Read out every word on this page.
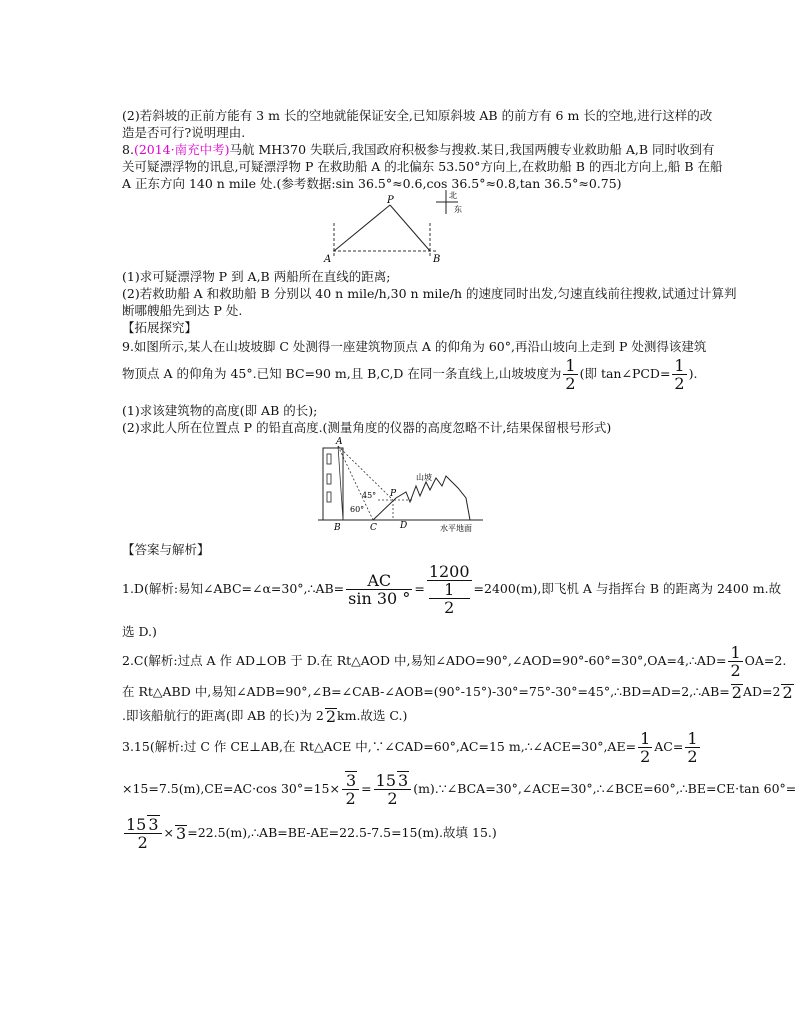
(2)若斜坡的正前方能有 3 m 长的空地就能保证安全,已知原斜坡 AB 的前方有 6 m 长的空地,进行这样的改
造是否可行?说明理由.
8.(2014·南充中考)马航 MH370 失联后,我国政府积极参与搜救.某日,我国两艘专业救助船 A,B 同时收到有
关可疑漂浮物的讯息,可疑漂浮物 P 在救助船 A 的北偏东 53.50°方向上,在救助船 B 的西北方向上,船 B 在船
A 正东方向 140 n mile 处.(参考数据:sin 36.5°≈0.6,cos 36.5°≈0.8,tan 36.5°≈0.75)
P
A	B
北
东
(1)求可疑漂浮物 P 到 A,B 两船所在直线的距离;
(2)若救助船 A 和救助船 B 分别以 40 n mile/h,30 n mile/h 的速度同时出发,匀速直线前往搜救,试通过计算判
断哪艘船先到达 P 处.
【拓展探究】
9.如图所示,某人在山坡坡脚 C 处测得一座建筑物顶点 A 的仰角为 60°,再沿山坡向上走到 P 处测得该建筑
物顶点 A 的仰角为 45°.已知 BC=90 m,且 B,C,D 在同一条直线上,山坡坡度为 $\frac{1}{2}$ (即 tan∠PCD= $\frac{1}{2}$ ).
(1)求该建筑物的高度(即 AB 的长);
(2)求此人所在位置点 P 的铅直高度.(测量角度的仪器的高度忽略不计,结果保留根号形式)
A
B	C	D
P
45°
60°
山坡
水平地面
【答案与解析】
1.D(解析:易知∠ABC=∠α=30°,∴AB= $\frac{AC}{\sin 30 ^\circ} = 1200$
1
2 =2400(m),即飞机 A 与指挥台 B 的距离为 2400 m.故
选 D.)
2.C(解析:过点 A 作 AD⊥OB 于 D.在 Rt△AOD 中,易知∠ADO=90°,∠AOD=90°-60°=30°,OA=4,∴AD= $\frac{1}{2} OA=2$.
在 Rt△ABD 中,易知∠ADB=90°,∠B=∠CAB-∠AOB=(90°-15°)-30°=75°-30°=45°,∴BD=AD=2,∴AB= 2 AD=2 2
.即该船航行的距离(即 AB 的长)为 2 2 km.故选 C.)
3.15(解析:过 C 作 CE⊥AB,在 Rt△ACE 中,∵∠CAD=60°,AC=15 m,∴∠ACE=30°,AE= $\frac{1}{2} AC= \frac{1}{2}$
×15=7.5(m),CE=AC·cos $30^\circ=15\times \frac{3}{2} = \frac{15 3}{2}$ (m).∵∠BCA=30°,∠ACE=30°,∴∠BCE=60°,∴BE=CE·tan 60°=
$\frac{15 3}{2} \times 3$ =22.5(m),∴AB=BE-AE=22.5-7.5=15(m).故填 15.)
